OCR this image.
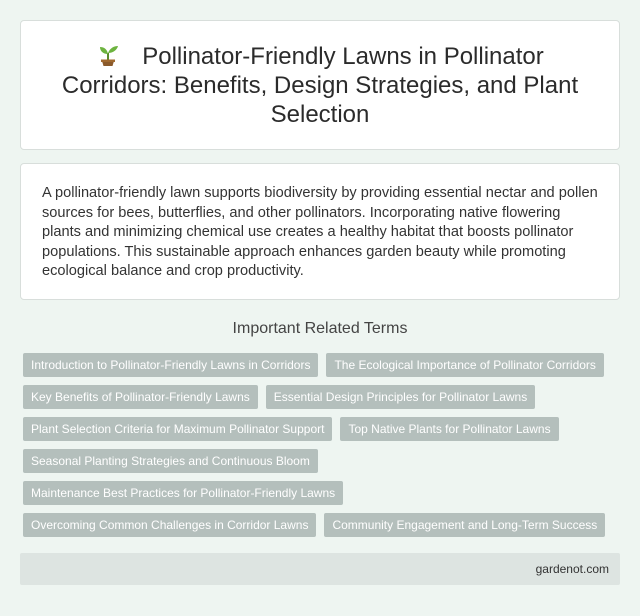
Pollinator-Friendly Lawns in Pollinator Corridors: Benefits, Design Strategies, and Plant Selection

A pollinator-friendly lawn supports biodiversity by providing essential nectar and pollen sources for bees, butterflies, and other pollinators. Incorporating native flowering plants and minimizing chemical use creates a healthy habitat that boosts pollinator populations. This sustainable approach enhances garden beauty while promoting ecological balance and crop productivity.

Important Related Terms
Introduction to Pollinator-Friendly Lawns in Corridors	The Ecological Importance of Pollinator Corridors
Key Benefits of Pollinator-Friendly Lawns	Essential Design Principles for Pollinator Lawns
Plant Selection Criteria for Maximum Pollinator Support	Top Native Plants for Pollinator Lawns
Seasonal Planting Strategies and Continuous Bloom
Maintenance Best Practices for Pollinator-Friendly Lawns
Overcoming Common Challenges in Corridor Lawns	Community Engagement and Long-Term Success
gardenot.com
